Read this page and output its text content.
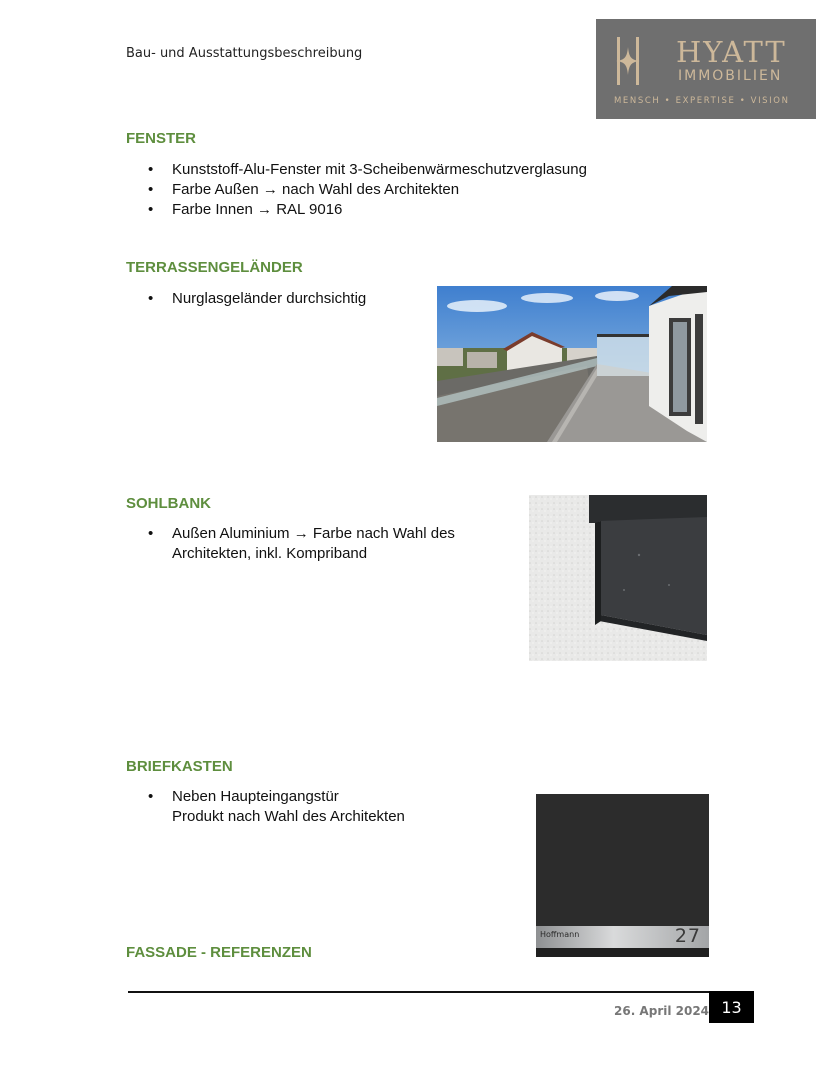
Bau- und Ausstattungsbeschreibung	HYATT
IMMOBILIEN
MENSCH • EXPERTISE • VISION
FENSTER
• Kunststoff-Alu-Fenster mit 3-Scheibenwärmeschutzverglasung
• Farbe Außen → nach Wahl des Architekten
• Farbe Innen → RAL 9016
TERRASSENGELÄNDER
• Nurglasgeländer durchsichtig
SOHLBANK
• Außen Aluminium → Farbe nach Wahl des
Architekten, inkl. Kompriband
BRIEFKASTEN
• Neben Haupteingangstür
Produkt nach Wahl des Architekten
Hoffmann	27
FASSADE - REFERENZEN
26. April 2024 13
